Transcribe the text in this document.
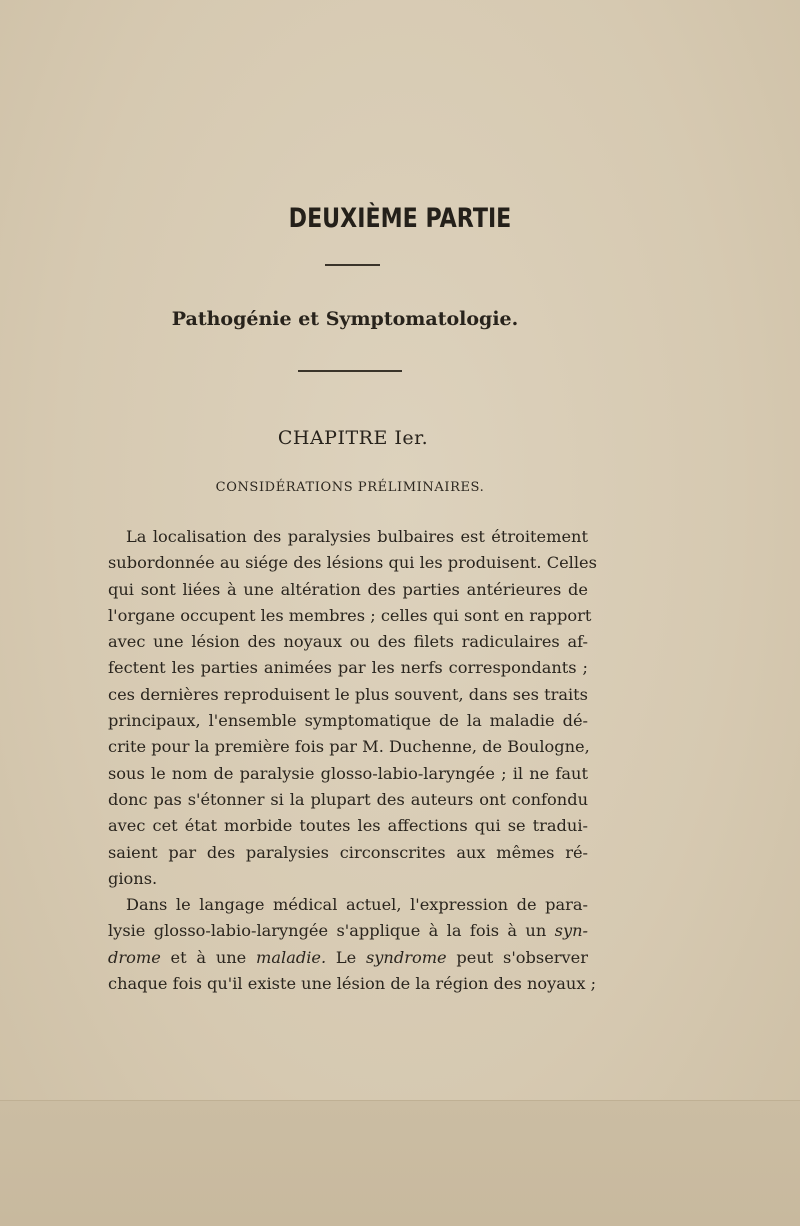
DEUXIÈME PARTIE
Pathogénie et Symptomatologie.
CHAPITRE Ier.
CONSIDÉRATIONS PRÉLIMINAIRES.
La localisation des paralysies bulbaires est étroitement
subordonnée au siége des lésions qui les produisent. Celles
qui sont liées à une altération des parties antérieures de
l'organe occupent les membres ; celles qui sont en rapport
avec une lésion des noyaux ou des filets radiculaires af-
fectent les parties animées par les nerfs correspondants ;
ces dernières reproduisent le plus souvent, dans ses traits
principaux, l'ensemble symptomatique de la maladie dé-
crite pour la première fois par M. Duchenne, de Boulogne,
sous le nom de paralysie glosso-labio-laryngée ; il ne faut
donc pas s'étonner si la plupart des auteurs ont confondu
avec cet état morbide toutes les affections qui se tradui-
saient par des paralysies circonscrites aux mêmes ré-
gions.
Dans le langage médical actuel, l'expression de para-
lysie glosso-labio-laryngée s'applique à la fois à un syn-
drome et à une maladie. Le syndrome peut s'observer
chaque fois qu'il existe une lésion de la région des noyaux ;
